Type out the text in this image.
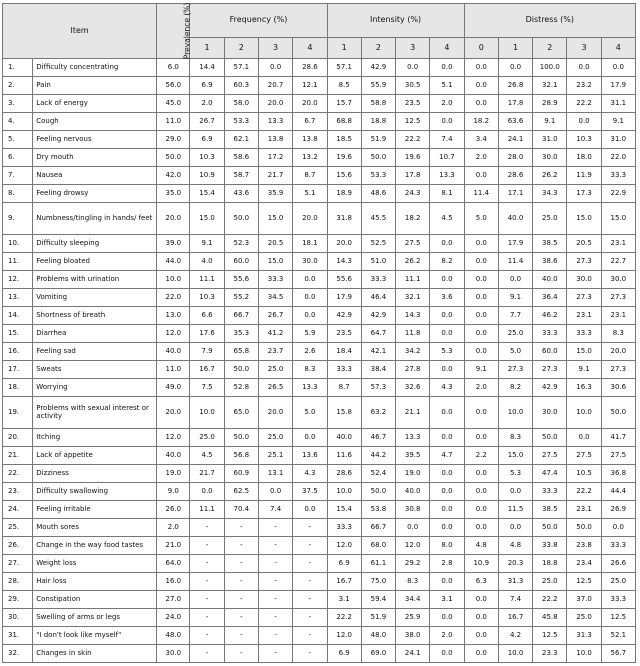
Item		Prevalence (%)	Frequency (%)				Intensity (%)				Distress (%)				
			1	2	3	4	1	2	3	4	0	1	2	3	4
1.	Difficulty concentrating	6.0	14.4	57.1	0.0	28.6	57.1	42.9	0.0	0.0	0.0	0.0	100.0	0.0	0.0
2.	Pain	56.0	6.9	60.3	20.7	12.1	8.5	55.9	30.5	5.1	0.0	26.8	32.1	23.2	17.9
3.	Lack of energy	45.0	2.0	58.0	20.0	20.0	15.7	58.8	23.5	2.0	0.0	17.8	28.9	22.2	31.1
4.	Cough	11.0	26.7	53.3	13.3	6.7	68.8	18.8	12.5	0.0	18.2	63.6	9.1	0.0	9.1
5.	Feeling nervous	29.0	6.9	62.1	13.8	13.8	18.5	51.9	22.2	7.4	3.4	24.1	31.0	10.3	31.0
6.	Dry mouth	50.0	10.3	58.6	17.2	13.2	19.6	50.0	19.6	10.7	2.0	28.0	30.0	18.0	22.0
7.	Nausea	42.0	10.9	58.7	21.7	8.7	15.6	53.3	17.8	13.3	0.0	28.6	26.2	11.9	33.3
8.	Feeling drowsy	35.0	15.4	43.6	35.9	5.1	18.9	48.6	24.3	8.1	11.4	17.1	34.3	17.3	22.9
9.	Numbness/tingling in hands/ feet	20.0	15.0	50.0	15.0	20.0	31.8	45.5	18.2	4.5	5.0	40.0	25.0	15.0	15.0
10.	Difficulty sleeping	39.0	9.1	52.3	20.5	18.1	20.0	52.5	27.5	0.0	0.0	17.9	38.5	20.5	23.1
11.	Feeling bloated	44.0	4.0	60.0	15.0	30.0	14.3	51.0	26.2	8.2	0.0	11.4	38.6	27.3	22.7
12.	Problems with urination	10.0	11.1	55.6	33.3	0.0	55.6	33.3	11.1	0.0	0.0	0.0	40.0	30.0	30.0
13.	Vomiting	22.0	10.3	55.2	34.5	0.0	17.9	46.4	32.1	3.6	0.0	9.1	36.4	27.3	27.3
14.	Shortness of breath	13.0	6.6	66.7	26.7	0.0	42.9	42.9	14.3	0.0	0.0	7.7	46.2	23.1	23.1
15.	Diarrhea	12.0	17.6	35.3	41.2	5.9	23.5	64.7	11.8	0.0	0.0	25.0	33.3	33.3	8.3
16.	Feeling sad	40.0	7.9	65.8	23.7	2.6	18.4	42.1	34.2	5.3	0.0	5.0	60.0	15.0	20.0
17.	Sweats	11.0	16.7	50.0	25.0	8.3	33.3	38.4	27.8	0.0	9.1	27.3	27.3	9.1	27.3
18.	Worrying	49.0	7.5	52.8	26.5	13.3	8.7	57.3	32.6	4.3	2.0	8.2	42.9	16.3	30.6
19.	Problems with sexual interest or activity	20.0	10.0	65.0	20.0	5.0	15.8	63.2	21.1	0.0	0.0	10.0	30.0	10.0	50.0
20.	Itching	12.0	25.0	50.0	25.0	0.0	40.0	46.7	13.3	0.0	0.0	8.3	50.0	0.0	41.7
21.	Lack of appetite	40.0	4.5	56.8	25.1	13.6	11.6	44.2	39.5	4.7	2.2	15.0	27.5	27.5	27.5
22.	Dizziness	19.0	21.7	60.9	13.1	4.3	28.6	52.4	19.0	0.0	0.0	5.3	47.4	10.5	36.8
23.	Difficulty swallowing	9.0	0.0	62.5	0.0	37.5	10.0	50.0	40.0	0.0	0.0	0.0	33.3	22.2	44.4
24.	Feeling irritable	26.0	11.1	70.4	7.4	0.0	15.4	53.8	30.8	0.0	0.0	11.5	38.5	23.1	26.9
25.	Mouth sores	2.0	-	-	-	-	33.3	66.7	0.0	0.0	0.0	0.0	50.0	50.0	0.0
26.	Change in the way food tastes	21.0	-	-	-	-	12.0	68.0	12.0	8.0	4.8	4.8	33.8	23.8	33.3
27.	Weight loss	64.0	-	-	-	-	6.9	61.1	29.2	2.8	10.9	20.3	18.8	23.4	26.6
28.	Hair loss	16.0	-	-	-	-	16.7	75.0	8.3	0.0	6.3	31.3	25.0	12.5	25.0
29.	Constipation	27.0	-	-	-	-	3.1	59.4	34.4	3.1	0.0	7.4	22.2	37.0	33.3
30.	Swelling of arms or legs	24.0	-	-	-	-	22.2	51.9	25.9	0.0	0.0	16.7	45.8	25.0	12.5
31.	"I don't look like myself"	48.0	-	-	-	-	12.0	48.0	38.0	2.0	0.0	4.2	12.5	31.3	52.1
32.	Changes in skin	30.0	-	-	-	-	6.9	69.0	24.1	0.0	0.0	10.0	23.3	10.0	56.7
